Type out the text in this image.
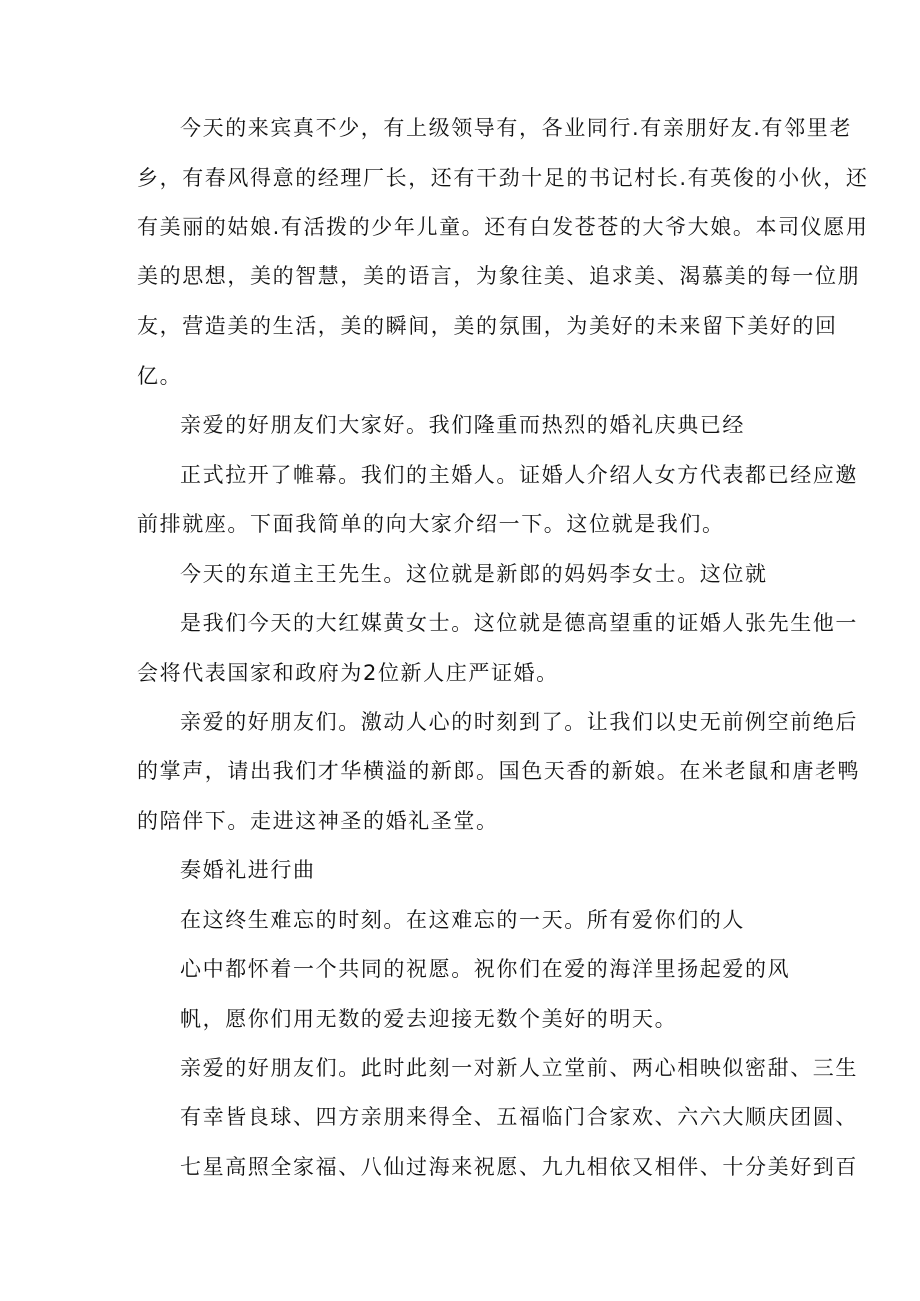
今天的来宾真不少，有上级领导有，各业同行.有亲朋好友.有邻里老
乡，有春风得意的经理厂长，还有干劲十足的书记村长.有英俊的小伙，还
有美丽的姑娘.有活拨的少年儿童。还有白发苍苍的大爷大娘。本司仪愿用
美的思想，美的智慧，美的语言，为象往美、追求美、渴慕美的每一位朋
友，营造美的生活，美的瞬间，美的氛围，为美好的未来留下美好的回
亿。
亲爱的好朋友们大家好。我们隆重而热烈的婚礼庆典已经
正式拉开了帷幕。我们的主婚人。证婚人介绍人女方代表都已经应邀
前排就座。下面我简单的向大家介绍一下。这位就是我们。
今天的东道主王先生。这位就是新郎的妈妈李女士。这位就
是我们今天的大红媒黄女士。这位就是德高望重的证婚人张先生他一
会将代表国家和政府为2位新人庄严证婚。
亲爱的好朋友们。激动人心的时刻到了。让我们以史无前例空前绝后
的掌声，请出我们才华横溢的新郎。国色天香的新娘。在米老鼠和唐老鸭
的陪伴下。走进这神圣的婚礼圣堂。
奏婚礼进行曲
在这终生难忘的时刻。在这难忘的一天。所有爱你们的人
心中都怀着一个共同的祝愿。祝你们在爱的海洋里扬起爱的风
帆，愿你们用无数的爱去迎接无数个美好的明天。
亲爱的好朋友们。此时此刻一对新人立堂前、两心相映似密甜、三生
有幸皆良球、四方亲朋来得全、五福临门合家欢、六六大顺庆团圆、
七星高照全家福、八仙过海来祝愿、九九相依又相伴、十分美好到百
